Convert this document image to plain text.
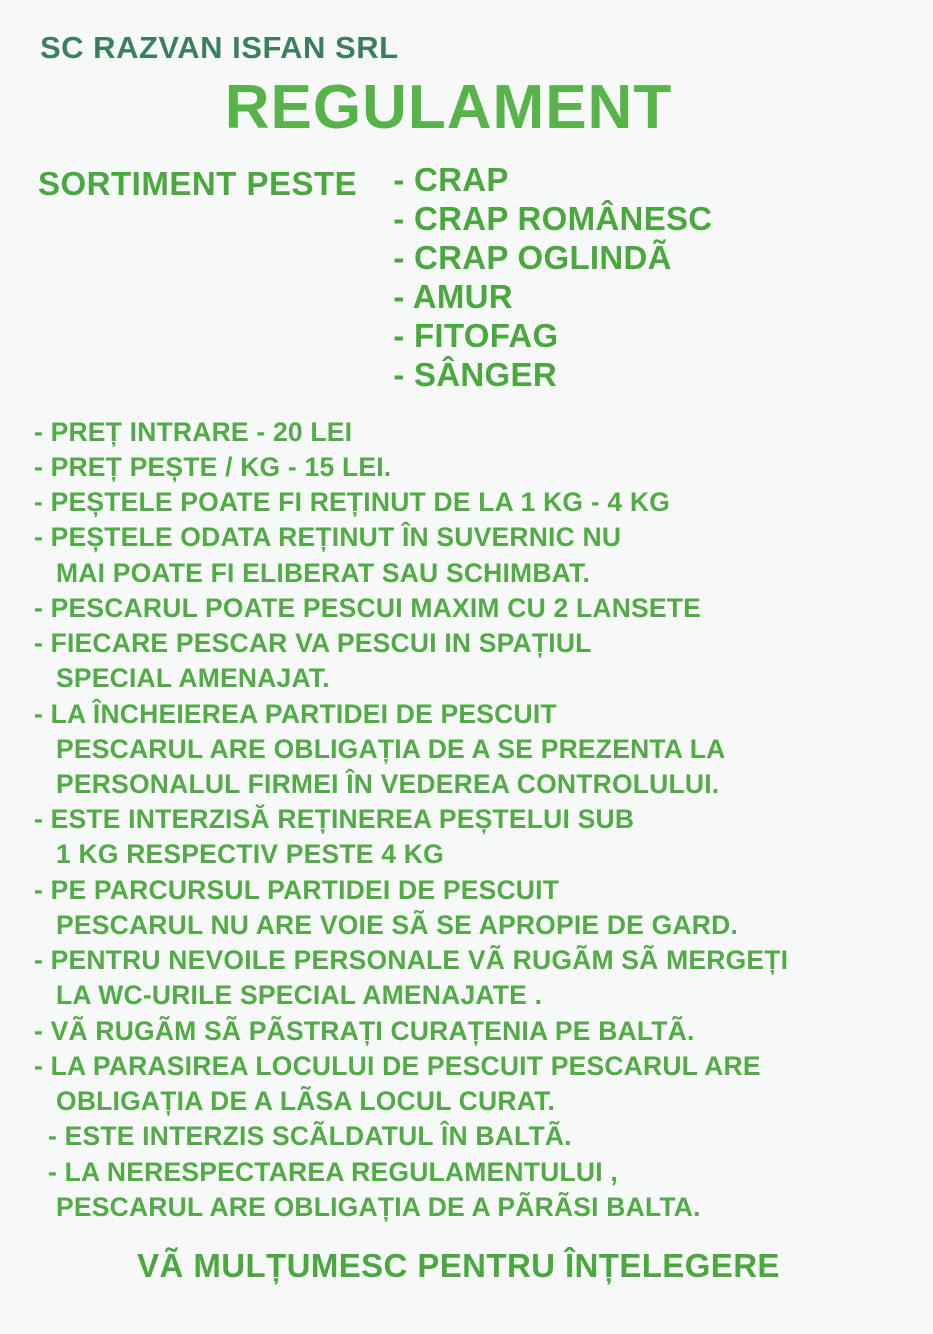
SC RAZVAN ISFAN SRL
REGULAMENT
SORTIMENT PESTE - CRAP
- CRAP ROMÂNESC
- CRAP OGLINDÃ
- AMUR
- FITOFAG
- SÂNGER
- PREȚ INTRARE - 20 LEI
- PREȚ PEȘTE / KG - 15 LEI.
- PEȘTELE POATE FI REȚINUT DE LA 1 KG - 4 KG
- PEȘTELE ODATA REȚINUT ÎN SUVERNIC NU
MAI POATE FI ELIBERAT SAU SCHIMBAT.
- PESCARUL POATE PESCUI MAXIM CU 2 LANSETE
- FIECARE PESCAR VA PESCUI IN SPAȚIUL
SPECIAL AMENAJAT.
- LA ÎNCHEIEREA PARTIDEI DE PESCUIT
PESCARUL ARE OBLIGAȚIA DE A SE PREZENTA LA
PERSONALUL FIRMEI ÎN VEDEREA CONTROLULUI.
- ESTE INTERZISĂ REȚINEREA PEȘTELUI SUB
1 KG RESPECTIV PESTE 4 KG
- PE PARCURSUL PARTIDEI DE PESCUIT
PESCARUL NU ARE VOIE SÃ SE APROPIE DE GARD.
- PENTRU NEVOILE PERSONALE VÃ RUGÃM SÃ MERGEȚI
LA WC-URILE SPECIAL AMENAJATE .
- VÃ RUGÃM SÃ PÃSTRAȚI CURAȚENIA PE BALTÃ.
- LA PARASIREA LOCULUI DE PESCUIT PESCARUL ARE
OBLIGAȚIA DE A LÃSA LOCUL CURAT.
- ESTE INTERZIS SCÃLDATUL ÎN BALTÃ.
- LA NERESPECTAREA REGULAMENTULUI ,
PESCARUL ARE OBLIGAȚIA DE A PÃRÃSI BALTA.
VÃ MULȚUMESC PENTRU ÎNȚELEGERE
